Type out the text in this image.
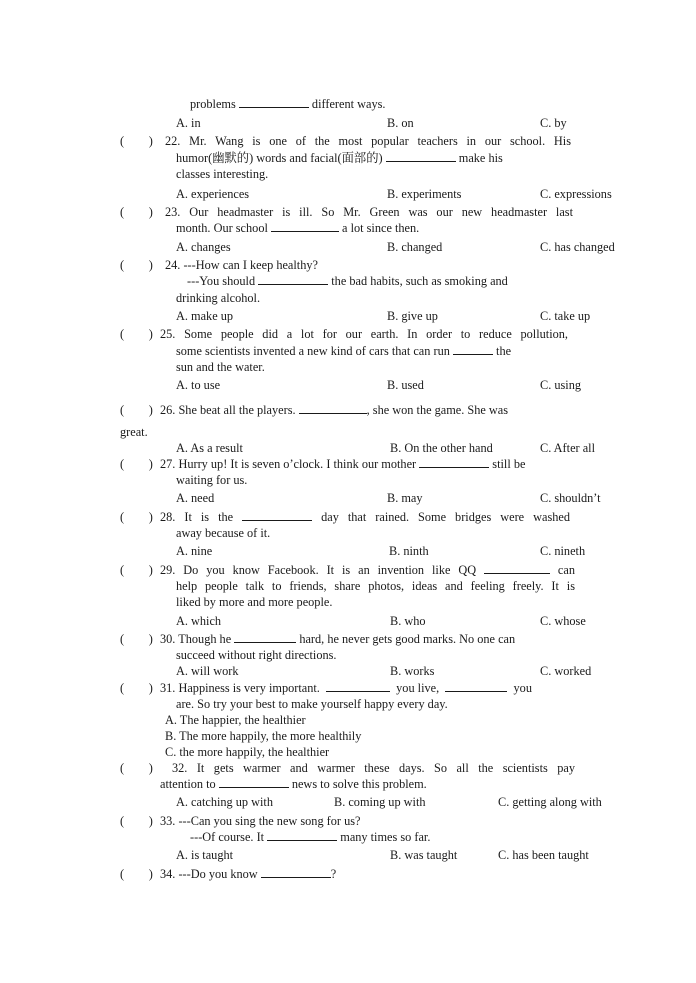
problems	different ways.
A. in	B. on	C. by
(        ) 22. Mr. Wang is one of the most popular teachers in our school. His
humor(幽默的) words and facial(面部的)	make his
classes interesting.
A. experiences	B. experiments	C. expressions
(        ) 23. Our headmaster is ill. So Mr. Green was our new headmaster last
month. Our school	a lot since then.
A. changes	B. changed	C. has changed
(        ) 24. ---How can I keep healthy?
---You should	the bad habits, such as smoking and
drinking alcohol.
A. make up	B. give up	C. take up
(        ) 25. Some people did a lot for our earth. In order to reduce pollution,
some scientists invented a new kind of cars that can run	the
sun and the water.
A. to use	B. used	C. using
(        ) 26. She beat all the players.	, she won the game. She was
great.
A. As a result	B. On the other hand	C. After all
(        ) 27. Hurry up! It is seven o’clock. I think our mother	still be
waiting for us.
A. need	B. may	C. shouldn’t
(        ) 28. It is the	day that rained. Some bridges were washed
away because of it.
A. nine	B. ninth	C. nineth
(        ) 29. Do you know Facebook. It is an invention like QQ	can
help people talk to friends, share photos, ideas and feeling freely. It is
liked by more and more people.
A. which	B. who	C. whose
(        ) 30. Though he	hard, he never gets good marks. No one can
succeed without right directions.
A. will work	B. works	C. worked
(        ) 31. Happiness is very important.	you live,	you
are. So try your best to make yourself happy every day.
A. The happier, the healthier
B. The more happily, the more healthily
C. the more happily, the healthier
(        ) 32. It gets warmer and warmer these days. So all the scientists pay
attention to	news to solve this problem.
A. catching up with	B. coming up with	C. getting along with
(        ) 33. ---Can you sing the new song for us?
---Of course. It	many times so far.
A. is taught	B. was taught	C. has been taught
(        ) 34. ---Do you know	?
